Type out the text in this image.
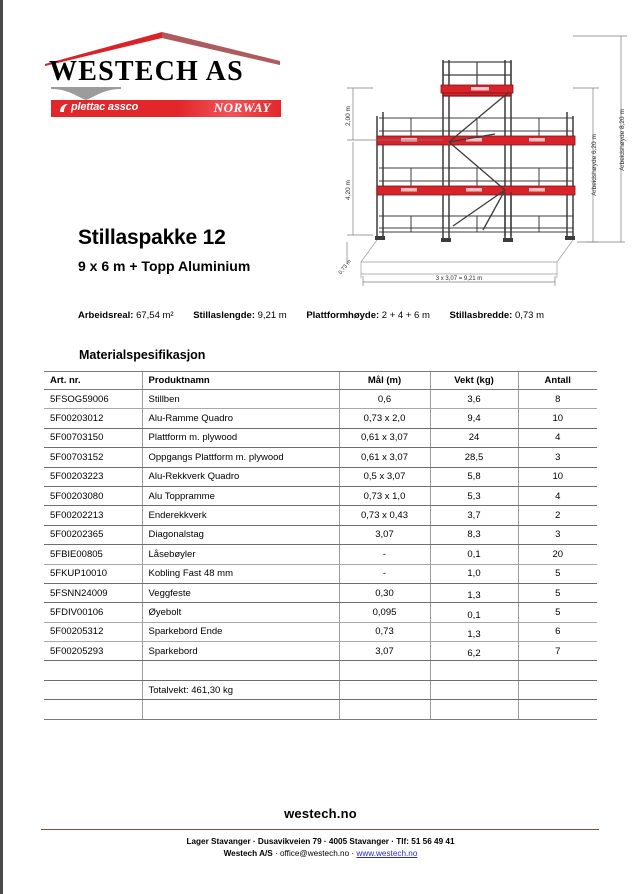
WESTECH AS
plettac assco	NORWAY	2,00 m
4,20 m
0,73 m
3 x 3,07 = 9,21 m
Arbeidshøyde 6,20 m	Arbeidshøyde 8,20 m
Stillaspakke 12
9 x 6 m + Topp Aluminium
Arbeidsreal: 67,54 m² Stillaslengde: 9,21 m Plattformhøyde: 2 + 4 + 6 m Stillasbredde: 0,73 m
Materialspesifikasjon
Art. nr.	Produktnamn	Mål (m)	Vekt (kg)	Antall
5FSOG59006	Stillben	0,6	3,6	8
5F00203012	Alu-Ramme Quadro	0,73 x 2,0	9,4	10
5F00703150	Plattform m. plywood	0,61 x 3,07	24	4
5F00703152	Oppgangs Plattform m. plywood	0,61 x 3,07	28,5	3
5F00203223	Alu-Rekkverk Quadro	0,5 x 3,07	5,8	10
5F00203080	Alu Toppramme	0,73 x 1,0	5,3	4
5F00202213	Enderekkverk	0,73 x 0,43	3,7	2
5F00202365	Diagonalstag	3,07	8,3	3
5FBIE00805	Låsebøyler	-	0,1	20
5FKUP10010	Kobling Fast 48 mm	-	1,0	5
5FSNN24009	Veggfeste	0,30	1,3	5
5FDIV00106	Øyebolt	0,095	0,1	5
5F00205312	Sparkebord Ende	0,73	1,3	6
5F00205293	Sparkebord	3,07	6,2	7

	Totalvekt: 461,30 kg			

westech.no
Lager Stavanger · Dusavikveien 79 · 4005 Stavanger · Tlf: 51 56 49 41
Westech A/S · office@westech.no · www.westech.no
